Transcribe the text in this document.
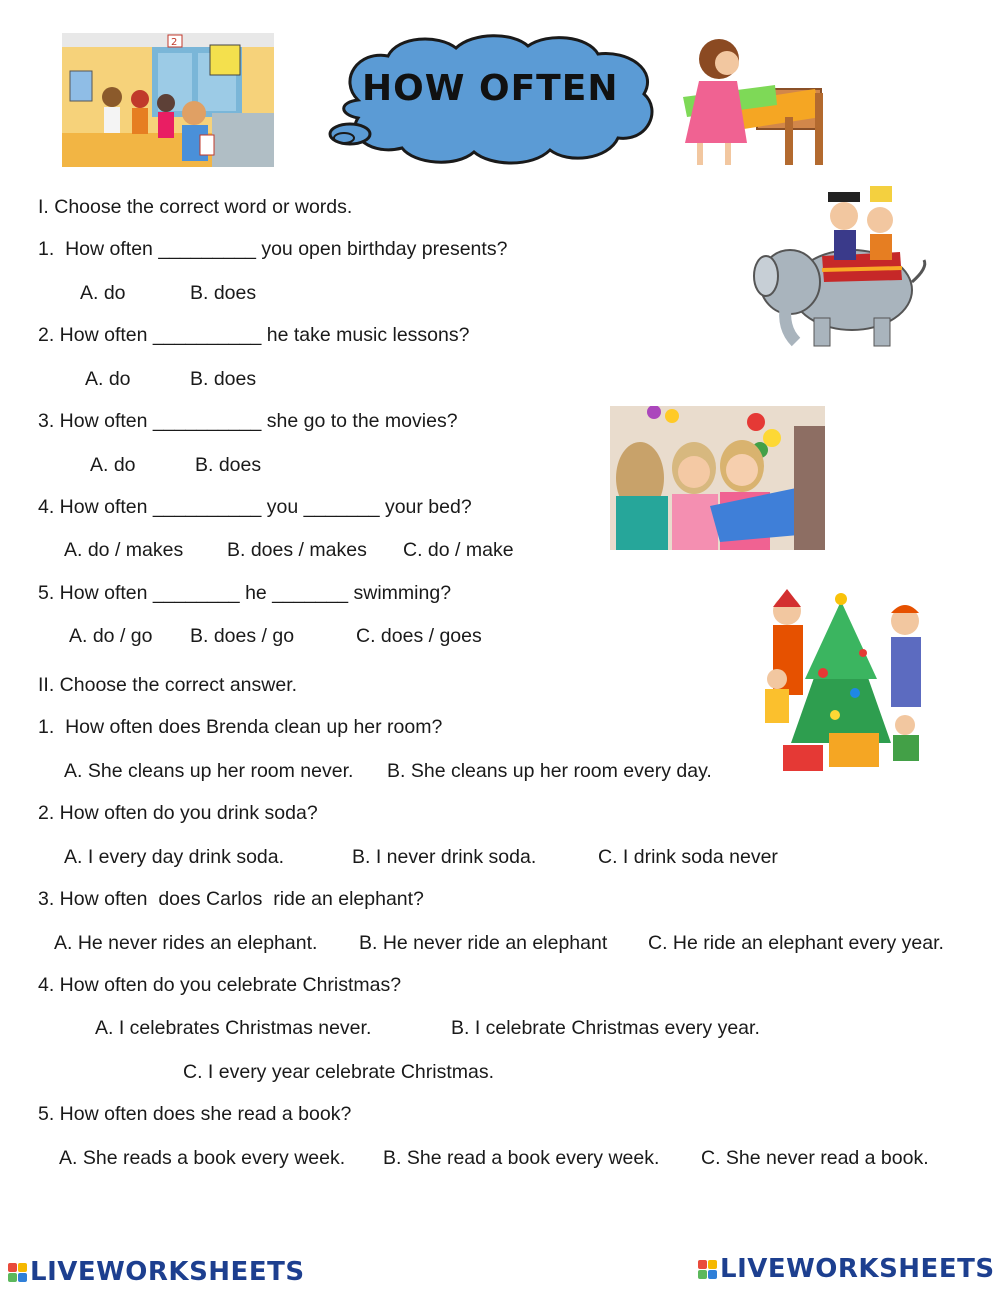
2
HOW OFTEN
I. Choose the correct word or words.
1.  How often _________ you open birthday presents?
A. do	B. does
2. How often __________ he take music lessons?
A. do	B. does
3. How often __________ she go to the movies?
A. do	B. does
4. How often __________ you _______ your bed?
A. do / makes B. does / makes C. do / make
5. How often ________ he _______ swimming?
A. do / go B. does / go	C. does / goes
II. Choose the correct answer.
1.  How often does Brenda clean up her room?
A. She cleans up her room never. B. She cleans up her room every day.
2. How often do you drink soda?
A. I every day drink soda.	B. I never drink soda.	C. I drink soda never
3. How often  does Carlos  ride an elephant?
A. He never rides an elephant. B. He never ride an elephant C. He ride an elephant every year.
4. How often do you celebrate Christmas?
A. I celebrates Christmas never.	B. I celebrate Christmas every year.
C. I every year celebrate Christmas.
5. How often does she read a book?
A. She reads a book every week. B. She read a book every week. C. She never read a book.
LIVEWORKSHEETS	LIVEWORKSHEETS
